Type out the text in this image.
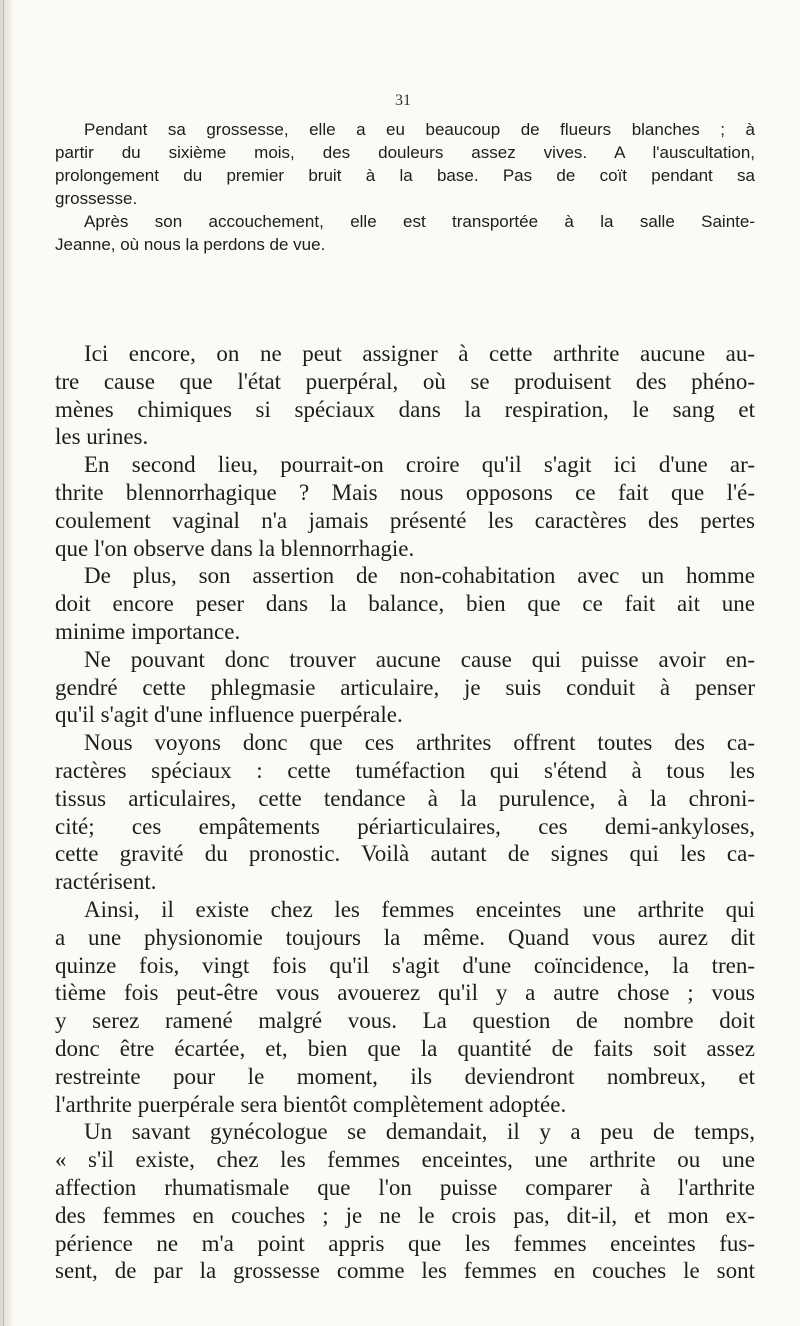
31
Pendant sa grossesse, elle a eu beaucoup de flueurs blanches ; à
partir du sixième mois, des douleurs assez vives. A l'auscultation,
prolongement du premier bruit à la base. Pas de coït pendant sa
grossesse.
Après son accouchement, elle est transportée à la salle Sainte-
Jeanne, où nous la perdons de vue.
Ici encore, on ne peut assigner à cette arthrite aucune au-
tre cause que l'état puerpéral, où se produisent des phéno-
mènes chimiques si spéciaux dans la respiration, le sang et
les urines.
En second lieu, pourrait-on croire qu'il s'agit ici d'une ar-
thrite blennorrhagique ? Mais nous opposons ce fait que l'é-
coulement vaginal n'a jamais présenté les caractères des pertes
que l'on observe dans la blennorrhagie.
De plus, son assertion de non-cohabitation avec un homme
doit encore peser dans la balance, bien que ce fait ait une
minime importance.
Ne pouvant donc trouver aucune cause qui puisse avoir en-
gendré cette phlegmasie articulaire, je suis conduit à penser
qu'il s'agit d'une influence puerpérale.
Nous voyons donc que ces arthrites offrent toutes des ca-
ractères spéciaux : cette tuméfaction qui s'étend à tous les
tissus articulaires, cette tendance à la purulence, à la chroni-
cité; ces empâtements périarticulaires, ces demi-ankyloses,
cette gravité du pronostic. Voilà autant de signes qui les ca-
ractérisent.
Ainsi, il existe chez les femmes enceintes une arthrite qui
a une physionomie toujours la même. Quand vous aurez dit
quinze fois, vingt fois qu'il s'agit d'une coïncidence, la tren-
tième fois peut-être vous avouerez qu'il y a autre chose ; vous
y serez ramené malgré vous. La question de nombre doit
donc être écartée, et, bien que la quantité de faits soit assez
restreinte pour le moment, ils deviendront nombreux, et
l'arthrite puerpérale sera bientôt complètement adoptée.
Un savant gynécologue se demandait, il y a peu de temps,
« s'il existe, chez les femmes enceintes, une arthrite ou une
affection rhumatismale que l'on puisse comparer à l'arthrite
des femmes en couches ; je ne le crois pas, dit-il, et mon ex-
périence ne m'a point appris que les femmes enceintes fus-
sent, de par la grossesse comme les femmes en couches le sont
